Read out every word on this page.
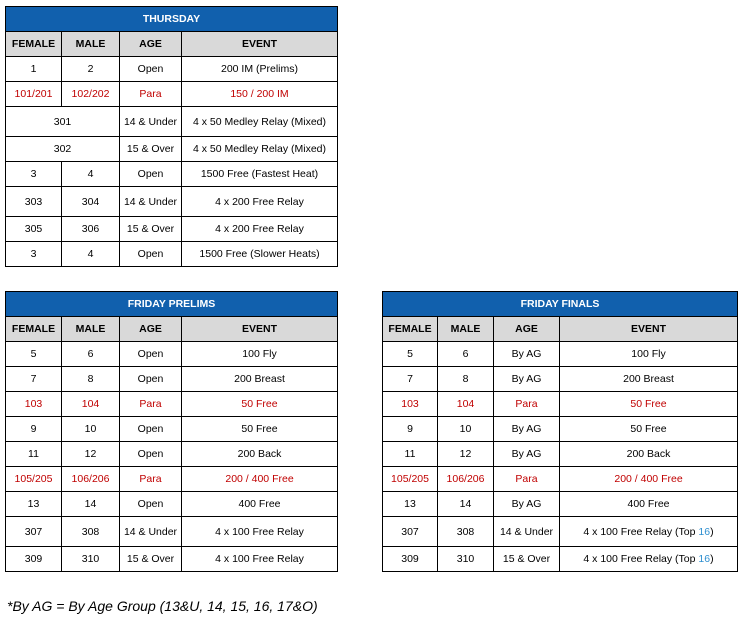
THURSDAY			
FEMALE	MALE	AGE	EVENT
1	2	Open	200 IM (Prelims)
101/201	102/202	Para	150 / 200 IM
301		14 & Under	4 x 50 Medley Relay (Mixed)
302		15 & Over	4 x 50 Medley Relay (Mixed)
3	4	Open	1500 Free (Fastest Heat)
303	304	14 & Under	4 x 200 Free Relay
305	306	15 & Over	4 x 200 Free Relay
3	4	Open	1500 Free (Slower Heats)
FRIDAY PRELIMS			
FEMALE	MALE	AGE	EVENT
5	6	Open	100 Fly
7	8	Open	200 Breast
103	104	Para	50 Free
9	10	Open	50 Free
11	12	Open	200 Back
105/205	106/206	Para	200 / 400 Free
13	14	Open	400 Free
307	308	14 & Under	4 x 100 Free Relay
309	310	15 & Over	4 x 100 Free Relay
FRIDAY FINALS			
FEMALE	MALE	AGE	EVENT
5	6	By AG	100 Fly
7	8	By AG	200 Breast
103	104	Para	50 Free
9	10	By AG	50 Free
11	12	By AG	200 Back
105/205	106/206	Para	200 / 400 Free
13	14	By AG	400 Free
307	308	14 & Under	4 x 100 Free Relay (Top 16)
309	310	15 & Over	4 x 100 Free Relay (Top 16)
*By AG = By Age Group (13&U, 14, 15, 16, 17&O)
